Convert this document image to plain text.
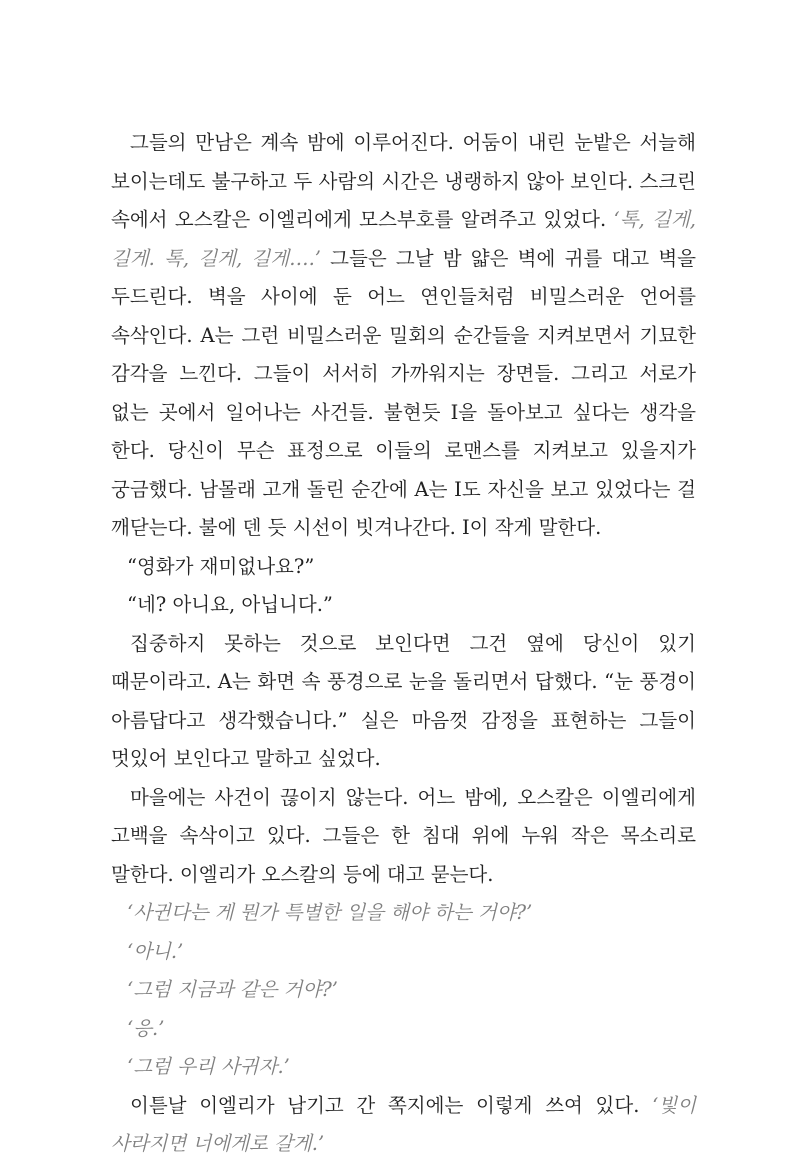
그들의 만남은 계속 밤에 이루어진다. 어둠이 내린 눈밭은 서늘해 보이는데도 불구하고 두 사람의 시간은 냉랭하지 않아 보인다. 스크린 속에서 오스칼은 이엘리에게 모스부호를 알려주고 있었다. ‘톡, 길게, 길게. 톡, 길게, 길게….’ 그들은 그날 밤 얇은 벽에 귀를 대고 벽을 두드린다. 벽을 사이에 둔 어느 연인들처럼 비밀스러운 언어를 속삭인다. A는 그런 비밀스러운 밀회의 순간들을 지켜보면서 기묘한 감각을 느낀다. 그들이 서서히 가까워지는 장면들. 그리고 서로가 없는 곳에서 일어나는 사건들. 불현듯 I을 돌아보고 싶다는 생각을 한다. 당신이 무슨 표정으로 이들의 로맨스를 지켜보고 있을지가 궁금했다. 남몰래 고개 돌린 순간에 A는 I도 자신을 보고 있었다는 걸 깨닫는다. 불에 덴 듯 시선이 빗겨나간다. I이 작게 말한다.

“영화가 재미없나요?”

“네? 아니요, 아닙니다.”

집중하지 못하는 것으로 보인다면 그건 옆에 당신이 있기 때문이라고. A는 화면 속 풍경으로 눈을 돌리면서 답했다. “눈 풍경이 아름답다고 생각했습니다.” 실은 마음껏 감정을 표현하는 그들이 멋있어 보인다고 말하고 싶었다.

마을에는 사건이 끊이지 않는다. 어느 밤에, 오스칼은 이엘리에게 고백을 속삭이고 있다. 그들은 한 침대 위에 누워 작은 목소리로 말한다. 이엘리가 오스칼의 등에 대고 묻는다.

‘사귄다는 게 뭔가 특별한 일을 해야 하는 거야?’

‘아니.’

‘그럼 지금과 같은 거야?’

‘응.’

‘그럼 우리 사귀자.’

이튿날 이엘리가 남기고 간 쪽지에는 이렇게 쓰여 있다. ‘빛이 사라지면 너에게로 갈게.’
